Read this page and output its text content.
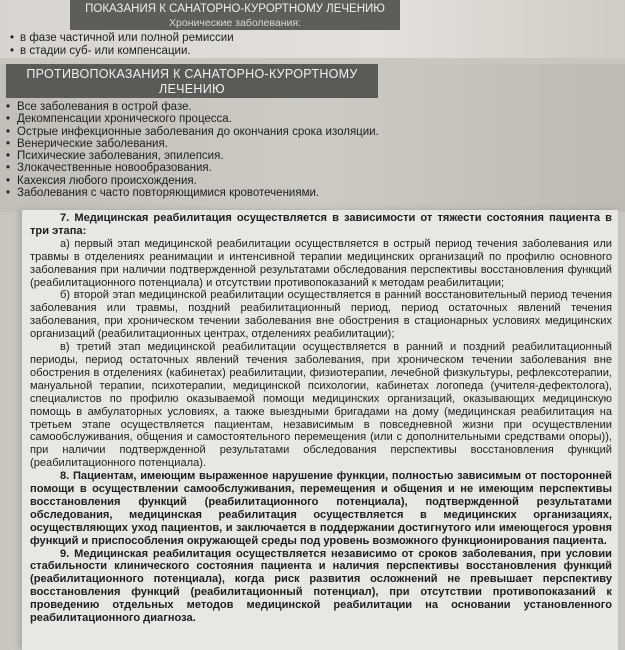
ПОКАЗАНИЯ К САНАТОРНО-КУРОРТНОМУ ЛЕЧЕНИЮ
Хронические заболевания:
• в фазе частичной или полной ремиссии
• в стадии суб- или компенсации.
ПРОТИВОПОКАЗАНИЯ К САНАТОРНО-КУРОРТНОМУ ЛЕЧЕНИЮ
• Все заболевания в острой фазе.
• Декомпенсации хронического процесса.
• Острые инфекционные заболевания до окончания срока изоляции.
• Венерические заболевания.
• Психические заболевания, эпилепсия.
• Злокачественные новообразования.
• Кахексия любого происхождения.
• Заболевания с часто повторяющимися кровотечениями.

7. Медицинская реабилитация осуществляется в зависимости от тяжести состояния пациента в три этапа:

а) первый этап медицинской реабилитации осуществляется в острый период течения заболевания или травмы в отделениях реанимации и интенсивной терапии медицинских организаций по профилю основного заболевания при наличии подтвержденной результатами обследования перспективы восстановления функций (реабилитационного потенциала) и отсутствии противопоказаний к методам реабилитации;

б) второй этап медицинской реабилитации осуществляется в ранний восстановительный период течения заболевания или травмы, поздний реабилитационный период, период остаточных явлений течения заболевания, при хроническом течении заболевания вне обострения в стационарных условиях медицинских организаций (реабилитационных центрах, отделениях реабилитации);

в) третий этап медицинской реабилитации осуществляется в ранний и поздний реабилитационный периоды, период остаточных явлений течения заболевания, при хроническом течении заболевания вне обострения в отделениях (кабинетах) реабилитации, физиотерапии, лечебной физкультуры, рефлексотерапии, мануальной терапии, психотерапии, медицинской психологии, кабинетах логопеда (учителя-дефектолога), специалистов по профилю оказываемой помощи медицинских организаций, оказывающих медицинскую помощь в амбулаторных условиях, а также выездными бригадами на дому (медицинская реабилитация на третьем этапе осуществляется пациентам, независимым в повседневной жизни при осуществлении самообслуживания, общения и самостоятельного перемещения (или с дополнительными средствами опоры)), при наличии подтвержденной результатами обследования перспективы восстановления функций (реабилитационного потенциала).

8. Пациентам, имеющим выраженное нарушение функции, полностью зависимым от посторонней помощи в осуществлении самообслуживания, перемещения и общения и не имеющим перспективы восстановления функций (реабилитационного потенциала), подтвержденной результатами обследования, медицинская реабилитация осуществляется в медицинских организациях, осуществляющих уход пациентов, и заключается в поддержании достигнутого или имеющегося уровня функций и приспособления окружающей среды под уровень возможного функционирования пациента.

9. Медицинская реабилитация осуществляется независимо от сроков заболевания, при условии стабильности клинического состояния пациента и наличия перспективы восстановления функций (реабилитационного потенциала), когда риск развития осложнений не превышает перспективу восстановления функций (реабилитационный потенциал), при отсутствии противопоказаний к проведению отдельных методов медицинской реабилитации на основании установленного реабилитационного диагноза.
